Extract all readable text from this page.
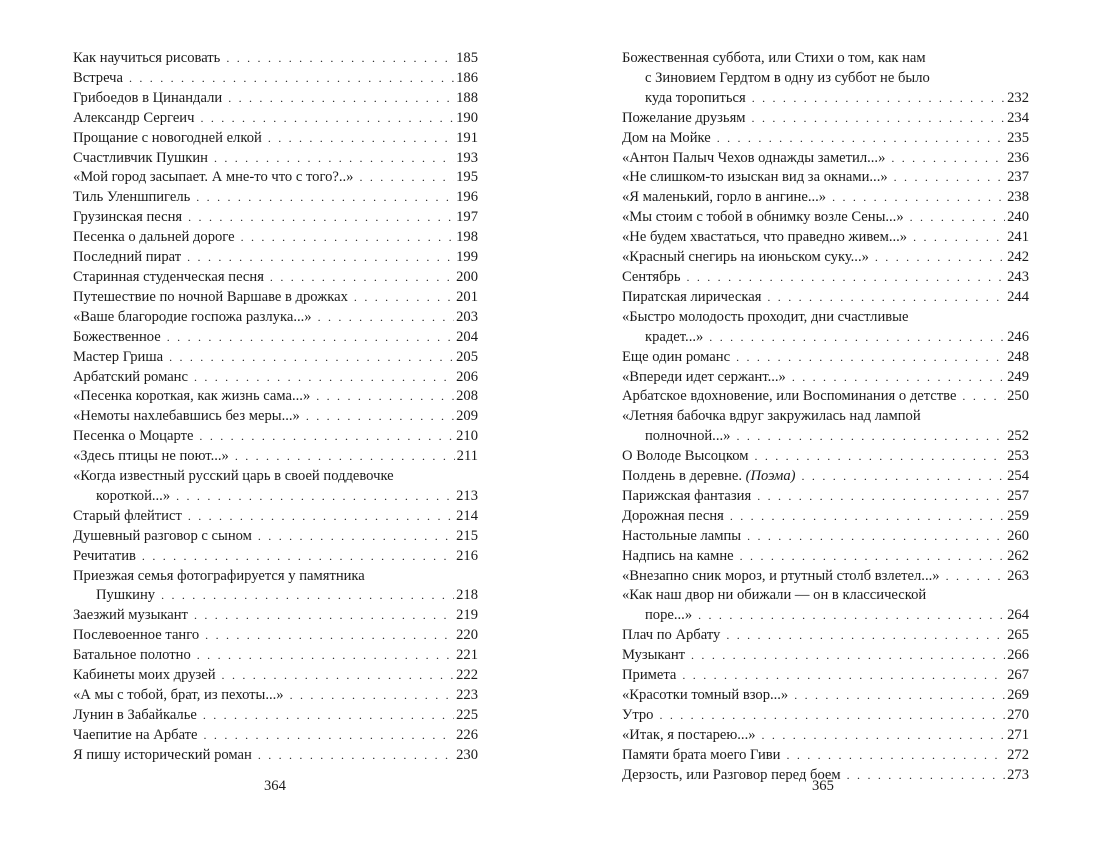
Как научиться рисовать . . .	185
Встреча . . .	186
Грибоедов в Цинандали . . .	188
Александр Сергеич . . .	190
Прощание с новогодней елкой . . .	191
Счастливчик Пушкин . . .	193
«Мой город засыпает. А мне-то что с того?..» . . .	195
Тиль Уленшпигель . . .	196
Грузинская песня . . .	197
Песенка о дальней дороге . . .	198
Последний пират . . .	199
Старинная студенческая песня . . .	200
Путешествие по ночной Варшаве в дрожках . . .	201
«Ваше благородие госпожа разлука...» . . .	203
Божественное . . .	204
Мастер Гриша . . .	205
Арбатский романс . . .	206
«Песенка короткая, как жизнь сама...» . . .	208
«Немоты нахлебавшись без меры...» . . .	209
Песенка о Моцарте . . .	210
«Здесь птицы не поют...» . . .	211
«Когда известный русский царь в своей поддевочке
короткой...» . . .	213
Старый флейтист . . .	214
Душевный разговор с сыном . . .	215
Речитатив . . .	216
Приезжая семья фотографируется у памятника
Пушкину . . .	218
Заезжий музыкант . . .	219
Послевоенное танго . . .	220
Батальное полотно . . .	221
Кабинеты моих друзей . . .	222
«А мы с тобой, брат, из пехоты...» . . .	223
Лунин в Забайкалье . . .	225
Чаепитие на Арбате . . .	226
Я пишу исторический роман . . .	230
364
Божественная суббота, или Стихи о том, как нам
с Зиновием Гердтом в одну из суббот не было
куда торопиться . . .	232
Пожелание друзьям . . .	234
Дом на Мойке . . .	235
«Антон Палыч Чехов однажды заметил...» . . .	236
«Не слишком-то изыскан вид за окнами...» . . .	237
«Я маленький, горло в ангине...» . . .	238
«Мы стоим с тобой в обнимку возле Сены...» . . .	240
«Не будем хвастаться, что праведно живем...» . . .	241
«Красный снегирь на июньском суку...» . . .	242
Сентябрь . . .	243
Пиратская лирическая . . .	244
«Быстро молодость проходит, дни счастливые
крадет...» . . .	246
Еще один романс . . .	248
«Впереди идет сержант...» . . .	249
Арбатское вдохновение, или Воспоминания о детстве . . .	250
«Летняя бабочка вдруг закружилась над лампой
полночной...» . . .	252
О Володе Высоцком . . .	253
Полдень в деревне.
(Поэма) . . .	254
Парижская фантазия . . .	257
Дорожная песня . . .	259
Настольные лампы . . .	260
Надпись на камне . . .	262
«Внезапно сник мороз, и ртутный столб взлетел...» . . .	263
«Как наш двор ни обижали — он в классической
поре...» . . .	264
Плач по Арбату . . .	265
Музыкант . . .	266
Примета . . .	267
«Красотки томный взор...» . . .	269
Утро . . .	270
«Итак, я постарею...» . . .	271
Памяти брата моего Гиви . . .	272
Дерзость, или Разговор перед боем . . .	273
365
